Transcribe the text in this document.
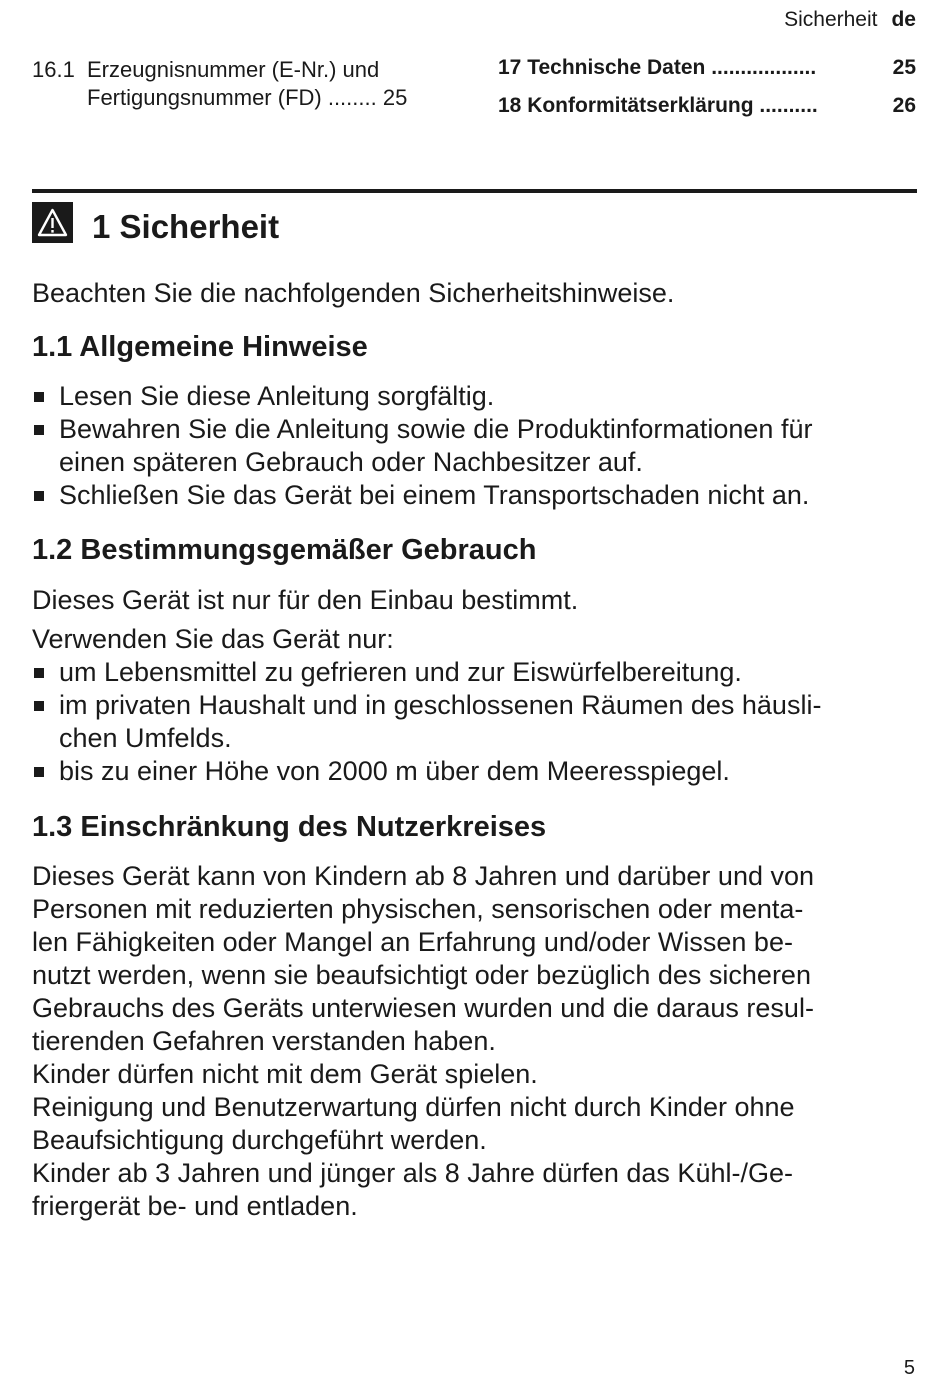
Sicherheit de
16.1 Erzeugnisnummer (E-Nr.) und
Fertigungsnummer (FD) ........ 25
17 Technische Daten ..................	25
18 Konformitätserklärung ..........	26
1 Sicherheit
Beachten Sie die nachfolgenden Sicherheitshinweise.
1.1 Allgemeine Hinweise
Lesen Sie diese Anleitung sorgfältig.
Bewahren Sie die Anleitung sowie die Produktinformationen für
einen späteren Gebrauch oder Nachbesitzer auf.
Schließen Sie das Gerät bei einem Transportschaden nicht an.
1.2 Bestimmungsgemäßer Gebrauch
Dieses Gerät ist nur für den Einbau bestimmt.
Verwenden Sie das Gerät nur:
um Lebensmittel zu gefrieren und zur Eiswürfelbereitung.
im privaten Haushalt und in geschlossenen Räumen des häusli-
chen Umfelds.
bis zu einer Höhe von 2000 m über dem Meeresspiegel.
1.3 Einschränkung des Nutzerkreises
Dieses Gerät kann von Kindern ab 8 Jahren und darüber und von
Personen mit reduzierten physischen, sensorischen oder menta-
len Fähigkeiten oder Mangel an Erfahrung und/oder Wissen be-
nutzt werden, wenn sie beaufsichtigt oder bezüglich des sicheren
Gebrauchs des Geräts unterwiesen wurden und die daraus resul-
tierenden Gefahren verstanden haben.
Kinder dürfen nicht mit dem Gerät spielen.
Reinigung und Benutzerwartung dürfen nicht durch Kinder ohne
Beaufsichtigung durchgeführt werden.
Kinder ab 3 Jahren und jünger als 8 Jahre dürfen das Kühl-/Ge-
friergerät be- und entladen.
5
